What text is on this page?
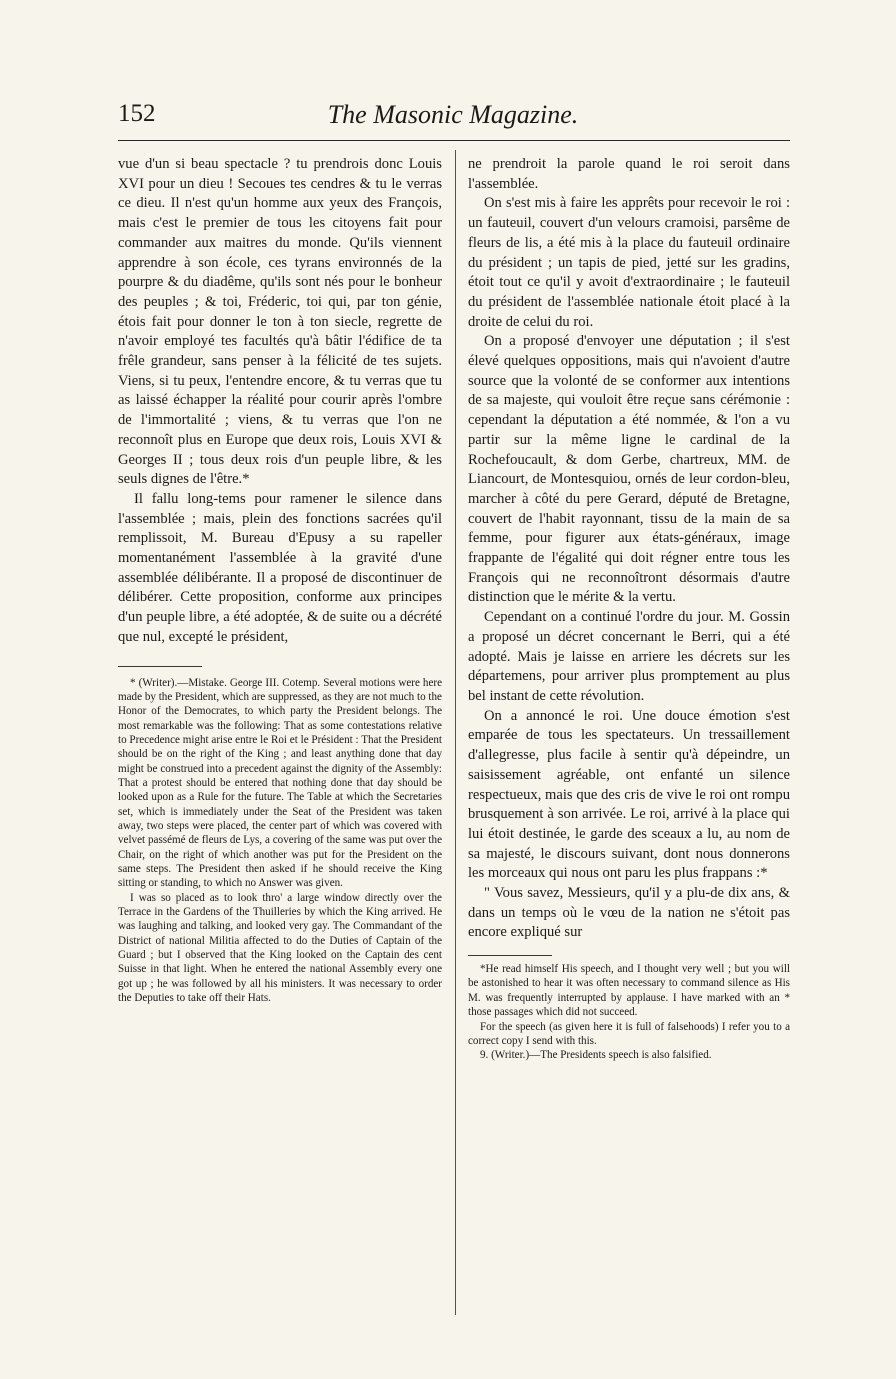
152	The Masonic Magazine.

vue d'un si beau spectacle ? tu prendrois donc Louis XVI pour un dieu ! Secoues tes cendres & tu le verras ce dieu. Il n'est qu'un homme aux yeux des François, mais c'est le premier de tous les citoyens fait pour commander aux maitres du monde. Qu'ils viennent apprendre à son école, ces tyrans environnés de la pourpre & du diadême, qu'ils sont nés pour le bonheur des peuples ; & toi, Fréderic, toi qui, par ton génie, étois fait pour donner le ton à ton siecle, regrette de n'avoir employé tes facultés qu'à bâtir l'édifice de ta frêle grandeur, sans penser à la félicité de tes sujets. Viens, si tu peux, l'entendre encore, & tu verras que tu as laissé échapper la réalité pour courir après l'ombre de l'immortalité ; viens, & tu verras que l'on ne reconnoît plus en Europe que deux rois, Louis XVI & Georges II ; tous deux rois d'un peuple libre, & les seuls dignes de l'être.*

Il fallu long-tems pour ramener le silence dans l'assemblée ; mais, plein des fonctions sacrées qu'il remplissoit, M. Bureau d'Epusy a su rapeller momentanément l'assemblée à la gravité d'une assemblée délibérante. Il a proposé de discontinuer de délibérer. Cette proposition, conforme aux principes d'un peuple libre, a été adoptée, & de suite ou a décrété que nul, excepté le président,

* (Writer).—Mistake. George III. Cotemp. Several motions were here made by the President, which are suppressed, as they are not much to the Honor of the Democrates, to which party the President belongs. The most remarkable was the following: That as some contestations relative to Precedence might arise entre le Roi et le Président : That the President should be on the right of the King ; and least anything done that day might be construed into a precedent against the dignity of the Assembly: That a protest should be entered that nothing done that day should be looked upon as a Rule for the future. The Table at which the Secretaries set, which is immediately under the Seat of the President was taken away, two steps were placed, the center part of which was covered with velvet passémé de fleurs de Lys, a covering of the same was put over the Chair, on the right of which another was put for the President on the same steps. The President then asked if he should receive the King sitting or standing, to which no Answer was given.

I was so placed as to look thro' a large window directly over the Terrace in the Gardens of the Thuilleries by which the King arrived. He was laughing and talking, and looked very gay. The Commandant of the District of national Militia affected to do the Duties of Captain of the Guard ; but I observed that the King looked on the Captain des cent Suisse in that light. When he entered the national Assembly every one got up ; he was followed by all his ministers. It was necessary to order the Deputies to take off their Hats.

ne prendroit la parole quand le roi seroit dans l'assemblée.

On s'est mis à faire les apprêts pour recevoir le roi : un fauteuil, couvert d'un velours cramoisi, parsême de fleurs de lis, a été mis à la place du fauteuil ordinaire du président ; un tapis de pied, jetté sur les gradins, étoit tout ce qu'il y avoit d'extraordinaire ; le fauteuil du président de l'assemblée nationale étoit placé à la droite de celui du roi.

On a proposé d'envoyer une députation ; il s'est élevé quelques oppositions, mais qui n'avoient d'autre source que la volonté de se conformer aux intentions de sa majeste, qui vouloit être reçue sans cérémonie : cependant la députation a été nommée, & l'on a vu partir sur la même ligne le cardinal de la Rochefoucault, & dom Gerbe, chartreux, MM. de Liancourt, de Montesquiou, ornés de leur cordon-bleu, marcher à côté du pere Gerard, député de Bretagne, couvert de l'habit rayonnant, tissu de la main de sa femme, pour figurer aux états-généraux, image frappante de l'égalité qui doit régner entre tous les François qui ne reconnoîtront désormais d'autre distinction que le mérite & la vertu.

Cependant on a continué l'ordre du jour. M. Gossin a proposé un décret concernant le Berri, qui a été adopté. Mais je laisse en arriere les décrets sur les départemens, pour arriver plus promptement au plus bel instant de cette révolution.

On a annoncé le roi. Une douce émotion s'est emparée de tous les spectateurs. Un tressaillement d'allegresse, plus facile à sentir qu'à dépeindre, un saisissement agréable, ont enfanté un silence respectueux, mais que des cris de vive le roi ont rompu brusquement à son arrivée. Le roi, arrivé à la place qui lui étoit destinée, le garde des sceaux a lu, au nom de sa majesté, le discours suivant, dont nous donnerons les morceaux qui nous ont paru les plus frappans :*

" Vous savez, Messieurs, qu'il y a plu-de dix ans, & dans un temps où le vœu de la nation ne s'étoit pas encore expliqué sur

*He read himself His speech, and I thought very well ; but you will be astonished to hear it was often necessary to command silence as His M. was frequently interrupted by applause. I have marked with an * those passages which did not succeed.

For the speech (as given here it is full of falsehoods) I refer you to a correct copy I send with this.

9. (Writer.)—The Presidents speech is also falsified.
